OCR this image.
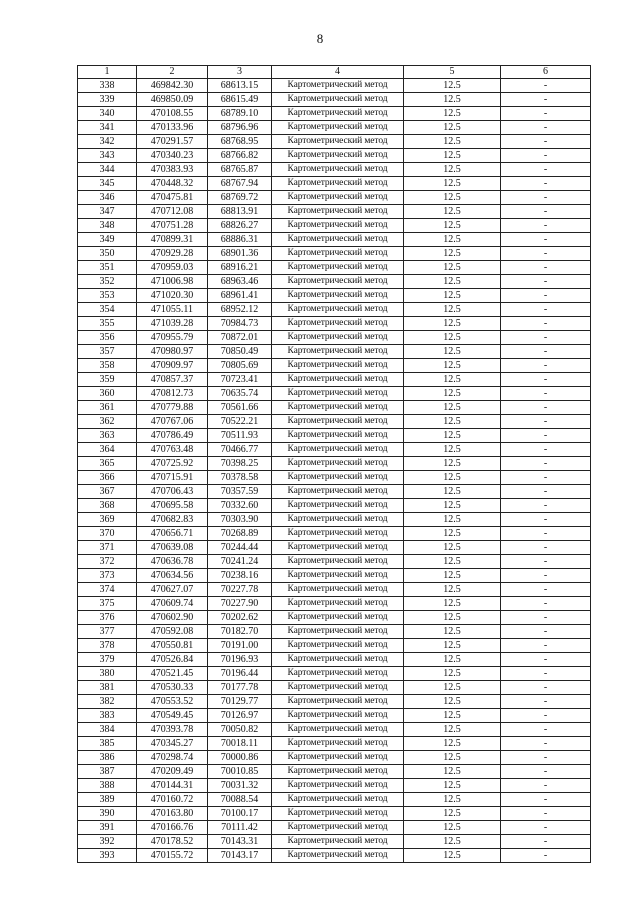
8
1	2	3	4	5	6
338	469842.30	68613.15	Картометрический метод	12.5	-
339	469850.09	68615.49	Картометрический метод	12.5	-
340	470108.55	68789.10	Картометрический метод	12.5	-
341	470133.96	68796.96	Картометрический метод	12.5	-
342	470291.57	68768.95	Картометрический метод	12.5	-
343	470340.23	68766.82	Картометрический метод	12.5	-
344	470383.93	68765.87	Картометрический метод	12.5	-
345	470448.32	68767.94	Картометрический метод	12.5	-
346	470475.81	68769.72	Картометрический метод	12.5	-
347	470712.08	68813.91	Картометрический метод	12.5	-
348	470751.28	68826.27	Картометрический метод	12.5	-
349	470899.31	68886.31	Картометрический метод	12.5	-
350	470929.28	68901.36	Картометрический метод	12.5	-
351	470959.03	68916.21	Картометрический метод	12.5	-
352	471006.98	68963.46	Картометрический метод	12.5	-
353	471020.30	68961.41	Картометрический метод	12.5	-
354	471055.11	68952.12	Картометрический метод	12.5	-
355	471039.28	70984.73	Картометрический метод	12.5	-
356	470955.79	70872.01	Картометрический метод	12.5	-
357	470980.97	70850.49	Картометрический метод	12.5	-
358	470909.97	70805.69	Картометрический метод	12.5	-
359	470857.37	70723.41	Картометрический метод	12.5	-
360	470812.73	70635.74	Картометрический метод	12.5	-
361	470779.88	70561.66	Картометрический метод	12.5	-
362	470767.06	70522.21	Картометрический метод	12.5	-
363	470786.49	70511.93	Картометрический метод	12.5	-
364	470763.48	70466.77	Картометрический метод	12.5	-
365	470725.92	70398.25	Картометрический метод	12.5	-
366	470715.91	70378.58	Картометрический метод	12.5	-
367	470706.43	70357.59	Картометрический метод	12.5	-
368	470695.58	70332.60	Картометрический метод	12.5	-
369	470682.83	70303.90	Картометрический метод	12.5	-
370	470656.71	70268.89	Картометрический метод	12.5	-
371	470639.08	70244.44	Картометрический метод	12.5	-
372	470636.78	70241.24	Картометрический метод	12.5	-
373	470634.56	70238.16	Картометрический метод	12.5	-
374	470627.07	70227.78	Картометрический метод	12.5	-
375	470609.74	70227.90	Картометрический метод	12.5	-
376	470602.90	70202.62	Картометрический метод	12.5	-
377	470592.08	70182.70	Картометрический метод	12.5	-
378	470550.81	70191.00	Картометрический метод	12.5	-
379	470526.84	70196.93	Картометрический метод	12.5	-
380	470521.45	70196.44	Картометрический метод	12.5	-
381	470530.33	70177.78	Картометрический метод	12.5	-
382	470553.52	70129.77	Картометрический метод	12.5	-
383	470549.45	70126.97	Картометрический метод	12.5	-
384	470393.78	70050.82	Картометрический метод	12.5	-
385	470345.27	70018.11	Картометрический метод	12.5	-
386	470298.74	70000.86	Картометрический метод	12.5	-
387	470209.49	70010.85	Картометрический метод	12.5	-
388	470144.31	70031.32	Картометрический метод	12.5	-
389	470160.72	70088.54	Картометрический метод	12.5	-
390	470163.80	70100.17	Картометрический метод	12.5	-
391	470166.76	70111.42	Картометрический метод	12.5	-
392	470178.52	70143.31	Картометрический метод	12.5	-
393	470155.72	70143.17	Картометрический метод	12.5	-
